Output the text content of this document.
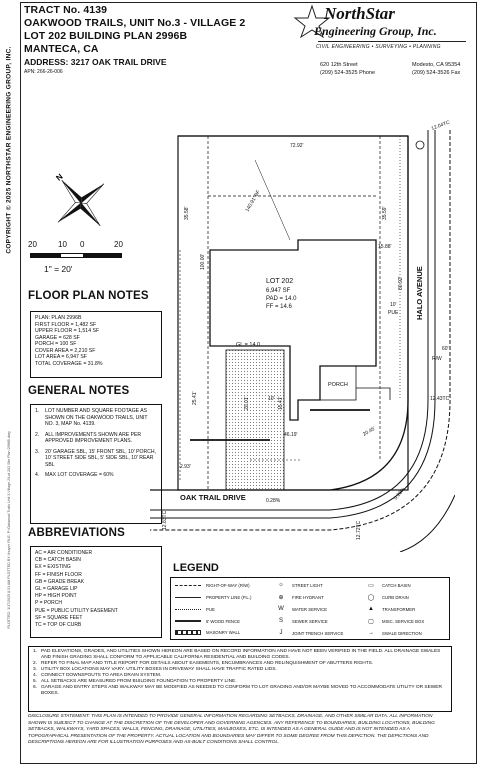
COPYRIGHT © 2025 NORTHSTAR ENGINEERING GROUP, INC.
PLOTTED: 1/17/2025 8:31 AM PLOTTED BY: thuynh FILE: P:\Oakwood Trails Unit 3 Village 2\Lot 202 Site Plan 2996B.dwg
TRACT No. 4139
OAKWOOD TRAILS, UNIT No.3 - VILLAGE 2
LOT 202 BUILDING PLAN 2996B
MANTECA, CA
ADDRESS: 3217 OAK TRAIL DRIVE
APN: 266-26-006
NorthStar
Engineering Group, Inc.
CIVIL ENGINEERING • SURVEYING • PLANNING
620 12th Street
(209) 524-3525 Phone
Modesto, CA 95354
(209) 524-3526 Fax
N
20	10 0	20
1" = 20'
FLOOR PLAN NOTES
PLAN: PLAN 2996B
FIRST FLOOR = 1,482 SF
UPPER FLOOR = 1,514 SF
GARAGE = 628 SF
PORCH = 100 SF
COVER AREA = 2,210 SF
LOT AREA = 6,947 SF
TOTAL COVERAGE = 31.8%
GENERAL NOTES
1.	LOT NUMBER AND SQUARE FOOTAGE AS SHOWN ON THE OAKWOOD TRAILS, UNIT NO. 3, MAP No. 4139.
2.	ALL IMPROVEMENTS SHOWN ARE PER APPROVED IMPROVEMENT PLANS.
3.	20' GARAGE SBL, 15' FRONT SBL, 10' PORCH, 10' STREET SIDE SBL, 5' SIDE SBL, 10' REAR SBL
4.	MAX LOT COVERAGE = 60%
ABBREVIATIONS
AC = AIR CONDITIONER
CB = CATCH BASIN
EX = EXISTING
FF = FINISH FLOOR
GB = GRADE BREAK
GL = GARAGE LIP
HP = HIGH POINT
P = PORCH
PUE = PUBLIC UTILITY EASEMENT
SF = SQUARE FEET
TC = TOP OF CURB
LOT 202
6,947 SF
PAD = 14.0
FF = 14.6
GL = 14.0
PORCH
72.92'
100.00'
80.92'
140.91' BF
35.58'	35.59'
15.88'
10'
PUE
25.41'	20.01'	10' 15.41'
46.19'	20.45'
2.93'
0.28%	0.28%
12.04TC
12.43TC
12.83TC
12.72TC
60'
R/W
OAK TRAIL DRIVE
HALO AVENUE
LEGEND
RIGHT-OF-WAY (R/W)
PROPERTY LINE (P.L.)
PUE
6' WOOD FENCE
MASONRY WALL
☼	STREET LIGHT
⊕	FIRE HYDRANT
W	WATER SERVICE
S	SEWER SERVICE
J	JOINT TRENCH SERVICE
▭	CATCH BASIN
◯	CURB DRAIN
▲	TRANSFORMER
▢	MISC. SERVICE BOX
→	SWALE DIRECTION
1. PAD ELEVATIONS, GRADES, AND UTILITIES SHOWN HEREON ARE BASED ON RECORD INFORMATION AND HAVE NOT BEEN VERIFIED IN THE FIELD. ALL DRAINAGE SWALES AND FINISH GRADING SHALL CONFORM TO APPLICABLE CALIFORNIA RESIDENTIAL AND BUILDING CODES.
2. REFER TO FINAL MAP AND TITLE REPORT FOR DETAILS ABOUT EASEMENTS, ENCUMBRANCES AND RELINQUISHMENT OF ABUTTERS RIGHTS.
3. UTILITY BOX LOCATIONS MAY VARY. UTILITY BOXES IN DRIVEWAY SHALL HAVE TRAFFIC RATED LIDS.
4. CONNECT DOWNSPOUTS TO AREA DRAIN SYSTEM.
5. ALL SETBACKS ARE MEASURED FROM BUILDING FOUNDATION TO PROPERTY LINE.
6. GARAGE AND ENTRY STEPS AND WALKWAY MAY BE MODIFIED AS NEEDED TO CONFORM TO LOT GRADING AND/OR MAYBE MOVED TO ACCOMMODATE UTILITY OR SEWER BOXES.
DISCLOSURE STATEMENT: THIS PLAN IS INTENDED TO PROVIDE GENERAL INFORMATION REGARDING SETBACKS, DRAINAGE, AND OTHER SIMILAR DATA. ALL INFORMATION SHOWN IS SUBJECT TO CHANGE AT THE DISCRETION OF THE DEVELOPER AND GOVERNING AGENCIES. ANY REFERENCE TO BOUNDARIES, BUILDING LOCATIONS, BUILDING SETBACKS, WALKWAYS, YARD SPACES, WALLS, FENCING, DRAINAGE, UTILITIES, MAILBOXES, ETC. IS INTENDED AS A GENERAL GUIDE AND IS NOT INTENDED AS A TOPOGRAPHICAL PRESENTATION OF THE PROPERTY. ACTUAL LOCATION AND BOUNDARIES MAY DIFFER TO SOME DEGREE FROM THIS DEPICTION. THE DEPICTIONS AND DESCRIPTIONS HEREON ARE FOR ILLUSTRATION PURPOSES AND AS-BUILT CONDITIONS SHALL CONTROL.
